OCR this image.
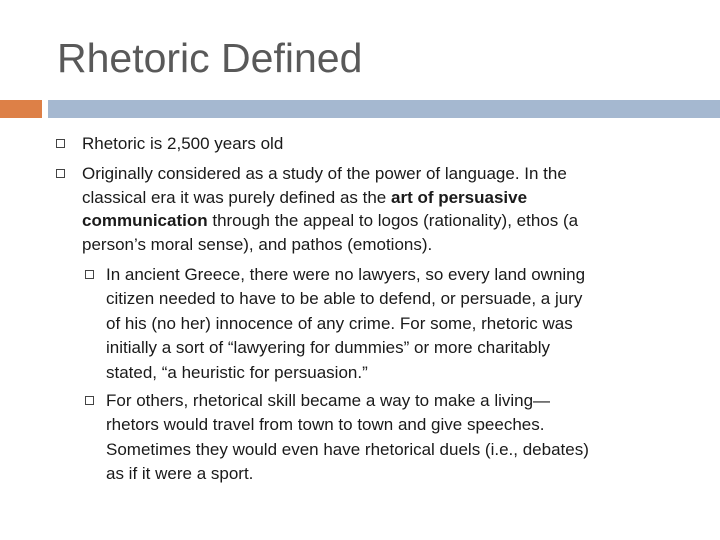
Rhetoric Defined

Rhetoric is 2,500 years old

Originally considered as a study of the power of language. In the

classical era it was purely defined as the art of persuasive

communication through the appeal to logos (rationality), ethos (a

person’s moral sense), and pathos (emotions).

In ancient Greece, there were no lawyers, so every land owning

citizen needed to have to be able to defend, or persuade, a jury

of his (no her) innocence of any crime. For some, rhetoric was

initially a sort of “lawyering for dummies” or more charitably

stated, “a heuristic for persuasion.”

For others, rhetorical skill became a way to make a living—

rhetors would travel from town to town and give speeches.

Sometimes they would even have rhetorical duels (i.e., debates)

as if it were a sport.
